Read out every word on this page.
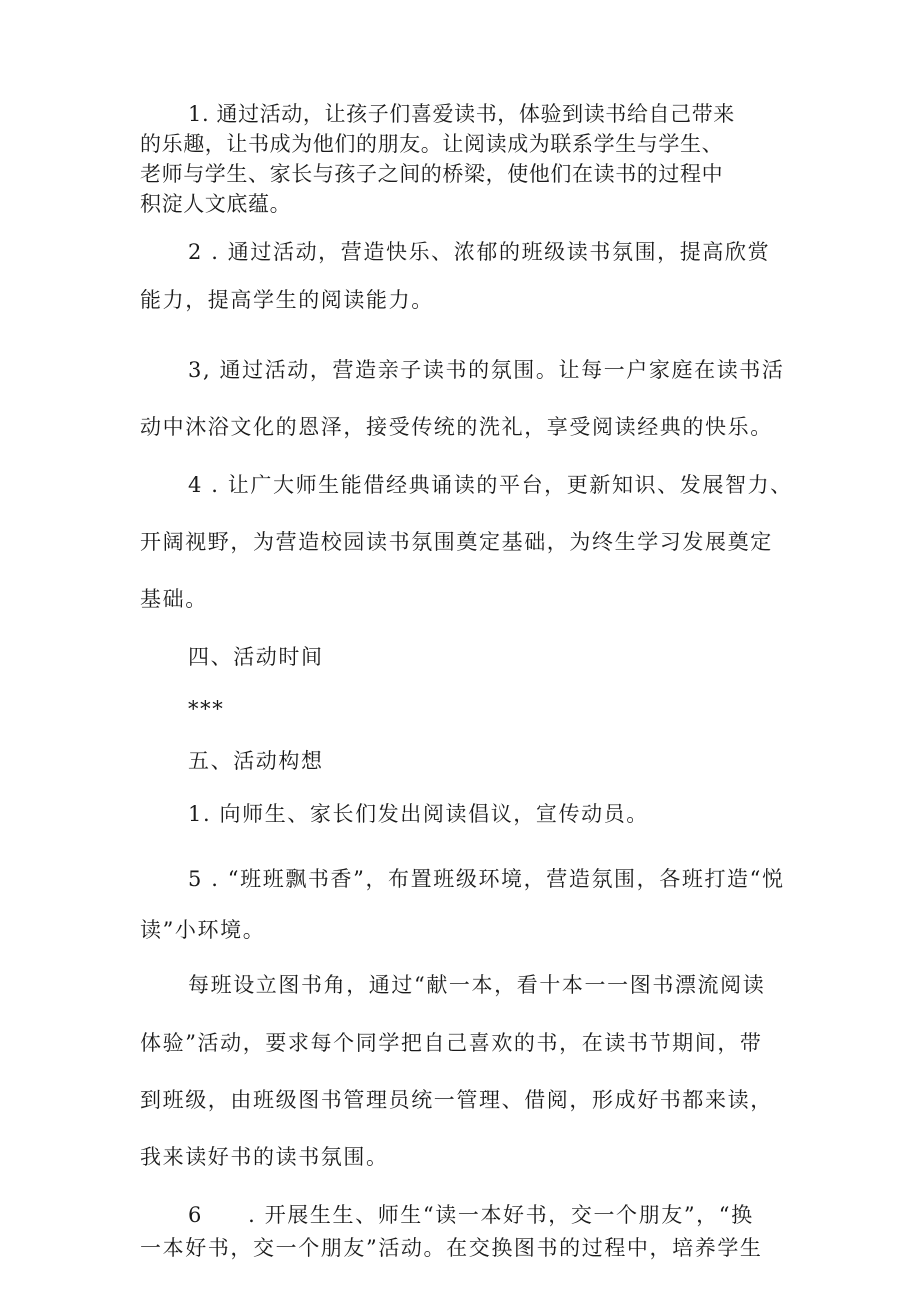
1. 通过活动，让孩子们喜爱读书，体验到读书给自己带来
的乐趣，让书成为他们的朋友。让阅读成为联系学生与学生、
老师与学生、家长与孩子之间的桥梁，使他们在读书的过程中
积淀人文底蕴。
2 . 通过活动，营造快乐、浓郁的班级读书氛围，提高欣赏
能力，提高学生的阅读能力。
3, 通过活动，营造亲子读书的氛围。让每一户家庭在读书活
动中沐浴文化的恩泽，接受传统的洗礼，享受阅读经典的快乐。
4 . 让广大师生能借经典诵读的平台，更新知识、发展智力、
开阔视野，为营造校园读书氛围奠定基础，为终生学习发展奠定
基础。
四、活动时间
***
五、活动构想
1. 向师生、家长们发出阅读倡议，宣传动员。
5 . “班班飘书香”，布置班级环境，营造氛围，各班打造“悦
读”小环境。
每班设立图书角，通过“献一本，看十本一一图书漂流阅读
体验”活动，要求每个同学把自己喜欢的书，在读书节期间，带
到班级，由班级图书管理员统一管理、借阅，形成好书都来读，
我来读好书的读书氛围。
6　　. 开展生生、师生“读一本好书，交一个朋友”，“换
一本好书，交一个朋友”活动。在交换图书的过程中，培养学生
